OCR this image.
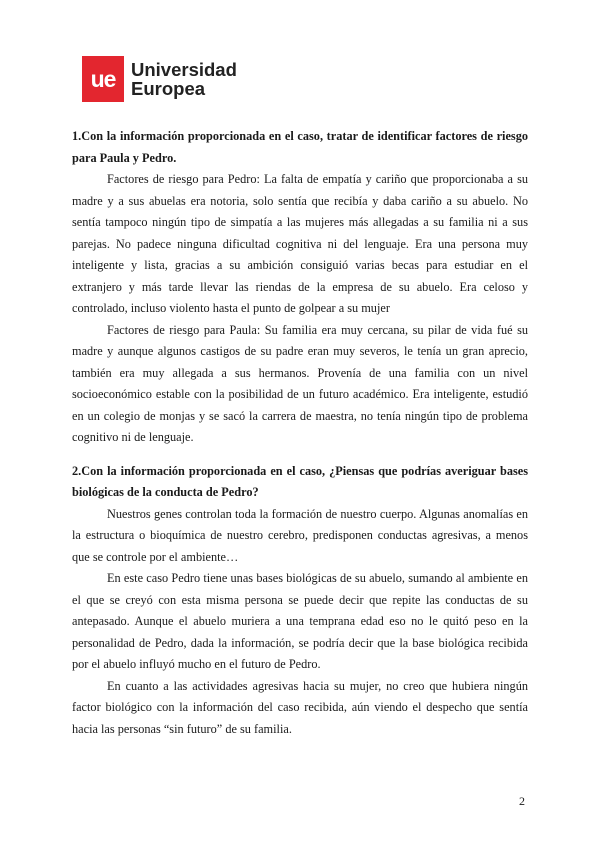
ue Universidad
Europea
1.Con la información proporcionada en el caso, tratar de identificar factores de riesgo para Paula y Pedro.

Factores de riesgo para Pedro: La falta de empatía y cariño que proporcionaba a su madre y a sus abuelas era notoria, solo sentía que recibía y daba cariño a su abuelo. No sentía tampoco ningún tipo de simpatía a las mujeres más allegadas a su familia ni a sus parejas. No padece ninguna dificultad cognitiva ni del lenguaje. Era una persona muy inteligente y lista, gracias a su ambición consiguió varias becas para estudiar en el extranjero y más tarde llevar las riendas de la empresa de su abuelo. Era celoso y controlado, incluso violento hasta el punto de golpear a su mujer

Factores de riesgo para Paula: Su familia era muy cercana, su pilar de vida fué su madre y aunque algunos castigos de su padre eran muy severos, le tenía un gran aprecio, también era muy allegada a sus hermanos. Provenía de una familia con un nivel socioeconómico estable con la posibilidad de un futuro académico. Era inteligente, estudió en un colegio de monjas y se sacó la carrera de maestra, no tenía ningún tipo de problema cognitivo ni de lenguaje.

2.Con la información proporcionada en el caso, ¿Piensas que podrías averiguar bases biológicas de la conducta de Pedro?

Nuestros genes controlan toda la formación de nuestro cuerpo. Algunas anomalías en la estructura o bioquímica de nuestro cerebro, predisponen conductas agresivas, a menos que se controle por el ambiente…

En este caso Pedro tiene unas bases biológicas de su abuelo, sumando al ambiente en el que se creyó con esta misma persona se puede decir que repite las conductas de su antepasado. Aunque el abuelo muriera a una temprana edad eso no le quitó peso en la personalidad de Pedro, dada la información, se podría decir que la base biológica recibida por el abuelo influyó mucho en el futuro de Pedro.

En cuanto a las actividades agresivas hacia su mujer, no creo que hubiera ningún factor biológico con la información del caso recibida, aún viendo el despecho que sentía hacia las personas “sin futuro” de su familia.

2
